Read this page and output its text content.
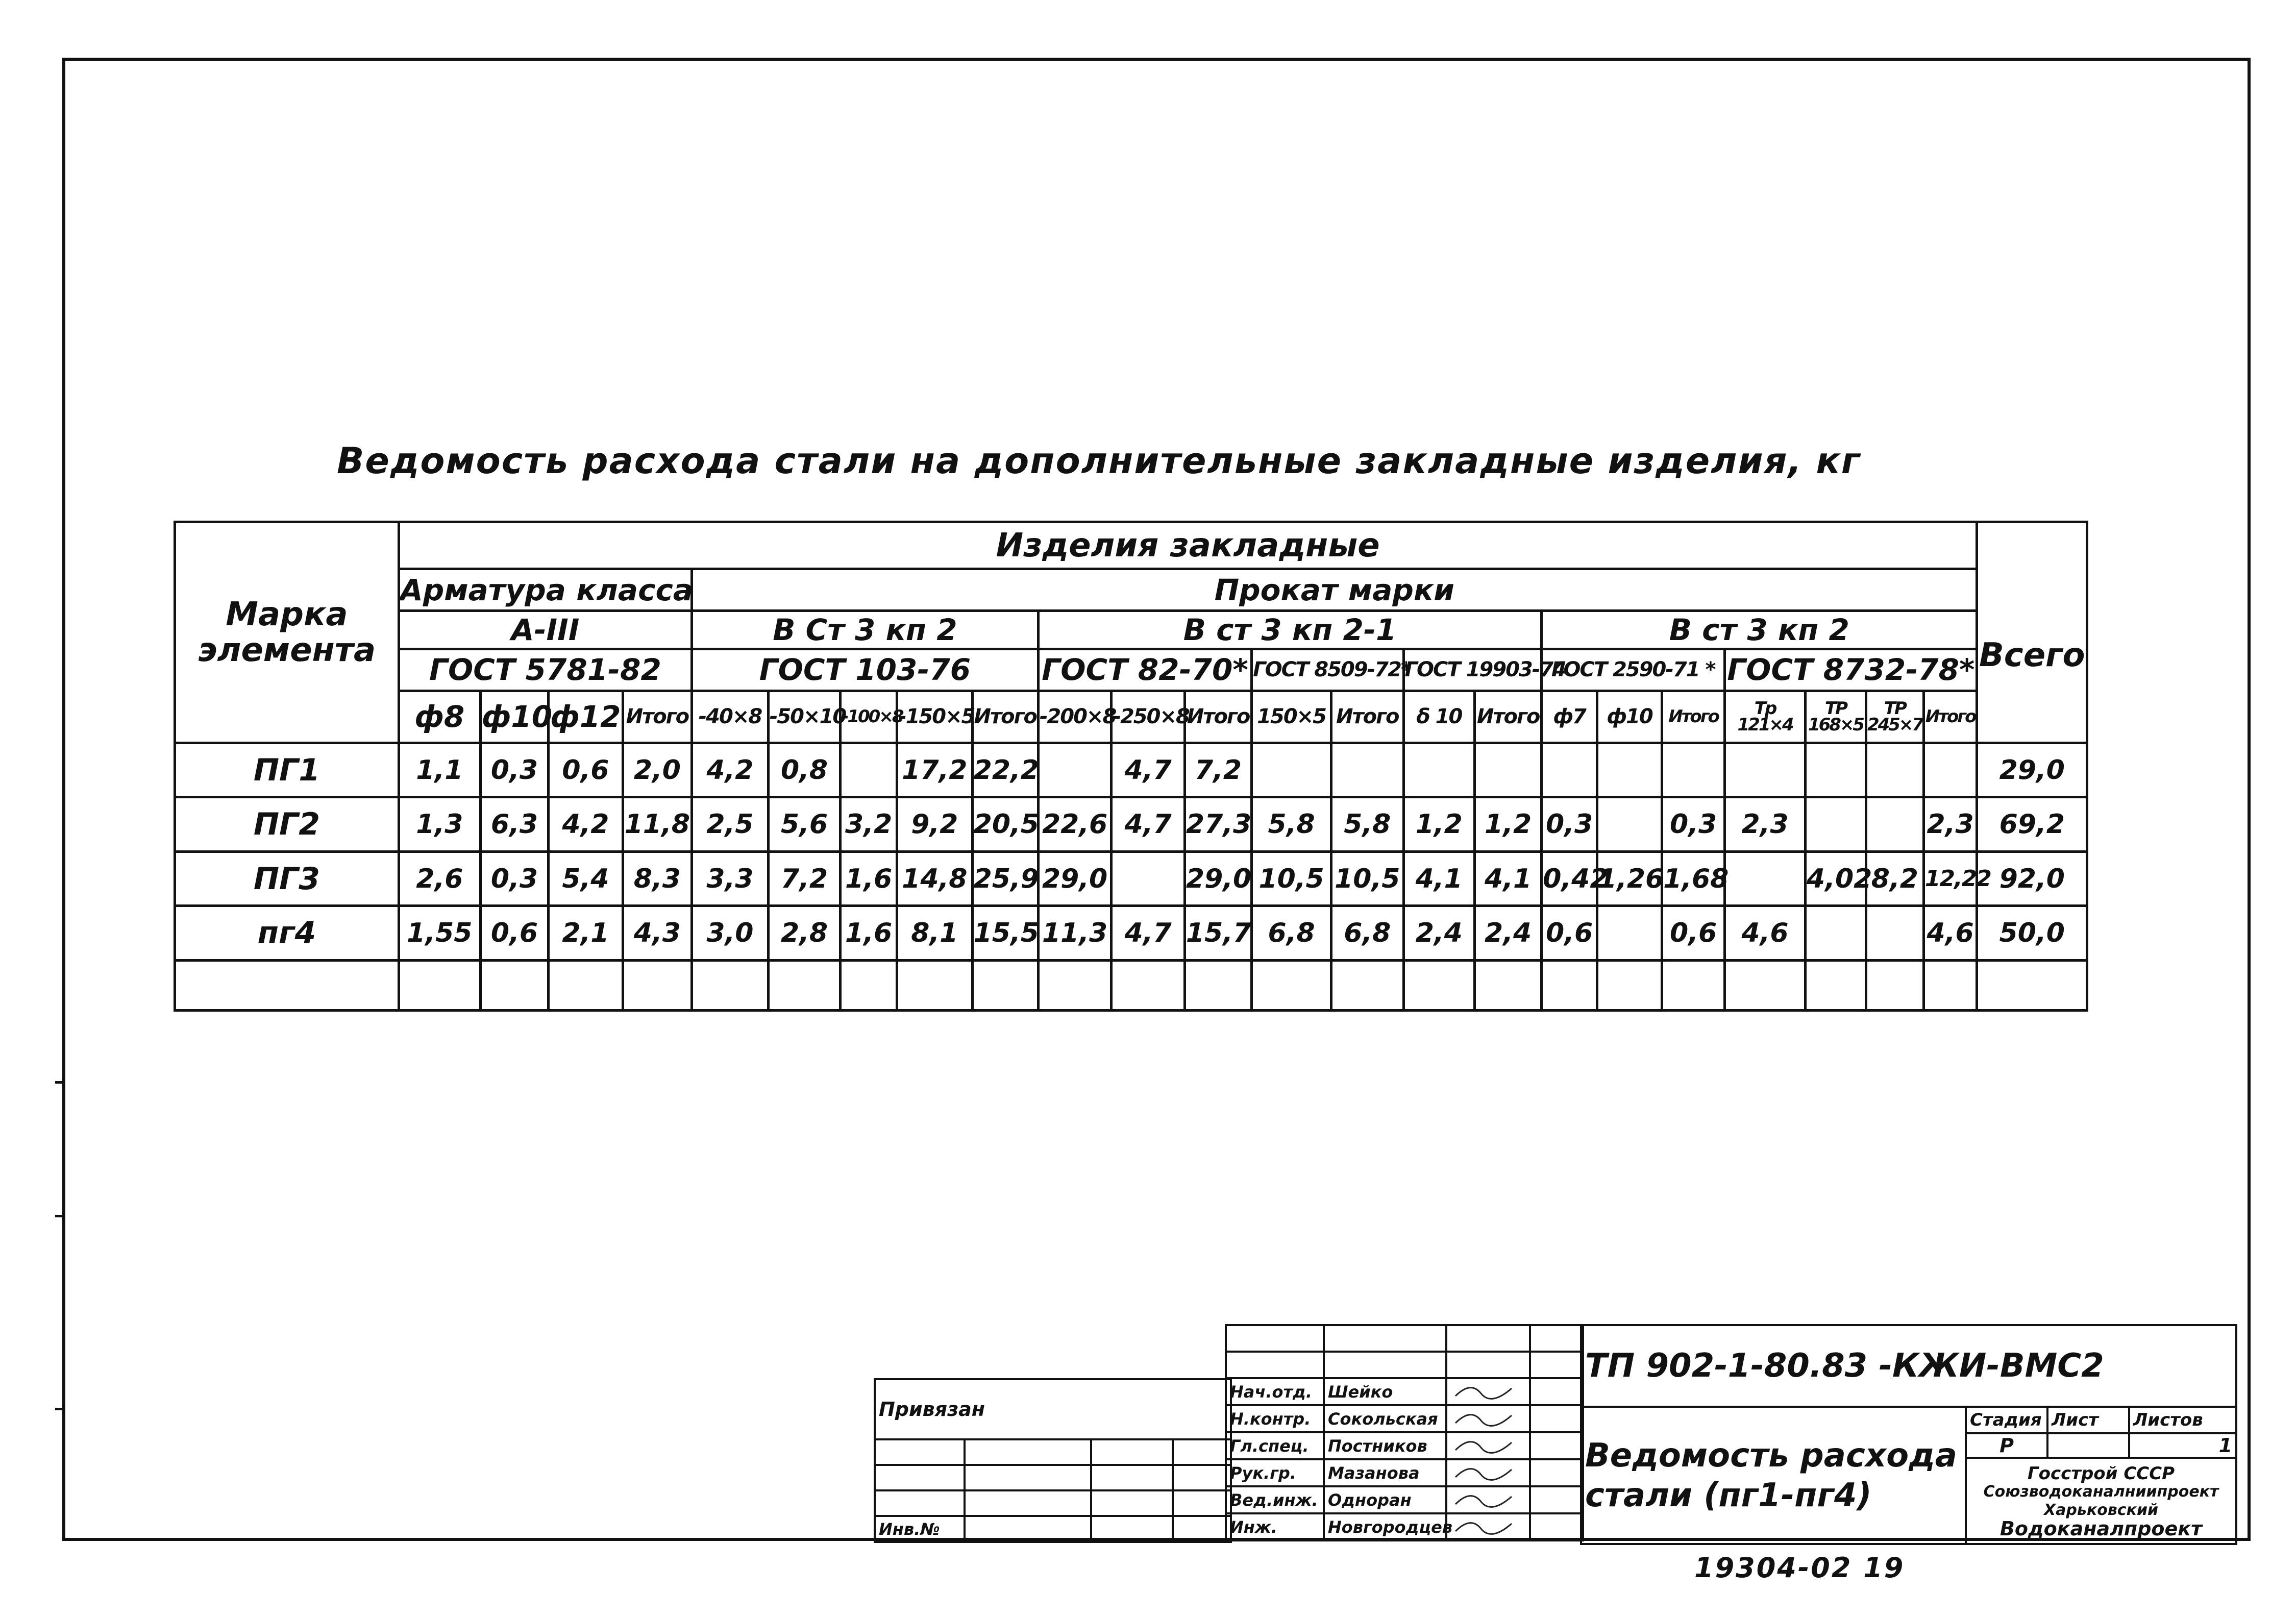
Ведомость расхода стали на дополнительные закладные изделия, кг
Марка элемента	Изделия закладные																							
	Арматура класса				Прокат марки																			Всего
	А-III				В Ст 3 кп 2					В ст 3 кп 2-1							В ст 3 кп 2							
	ГОСТ 5781-82				ГОСТ 103-76					ГОСТ 82-70*			ГОСТ 8509-72*		ГОСТ 19903-74		ГОСТ 2590-71 *			ГОСТ 8732-78*				
	ф8	ф10	ф12	Итого	-40×8	-50×10	-100×8	-150×5	Итого	-200×8	-250×8	Итого	150×5	Итого	δ 10	Итого	ф7	ф10	Итого	Тр 121×4	ТР 168×5	ТР 245×7	Итого	
ПГ1	1,1	0,3	0,6	2,0	4,2	0,8		17,2	22,2		4,7	7,2												29,0
ПГ2	1,3	6,3	4,2	11,8	2,5	5,6	3,2	9,2	20,5	22,6	4,7	27,3	5,8	5,8	1,2	1,2	0,3		0,3	2,3			2,3	69,2
ПГ3	2,6	0,3	5,4	8,3	3,3	7,2	1,6	14,8	25,9	29,0		29,0	10,5	10,5	4,1	4,1	0,42	1,26	1,68		4,02	8,2	12,22	92,0
пг4	1,55	0,6	2,1	4,3	3,0	2,8	1,6	8,1	15,5	11,3	4,7	15,7	6,8	6,8	2,4	2,4	0,6		0,6	4,6			4,6	50,0

Привязан			

Инв.№			

Нач.отд.	Шейко		
Н.контр.	Сокольская		
Гл.спец.	Постников		
Рук.гр.	Мазанова		
Вед.инж.	Одноран		
Инж.	Новгородцев		
ТП 902-1-80.83 -КЖИ-ВМС2			
Ведомость расхода стали (пг1-пг4)	Стадия	Лист	Листов
	Р		1

	Госстрой СССР
Союзводоканалниипроект
Харьковский
Водоканалпроект		
19304-02 19
